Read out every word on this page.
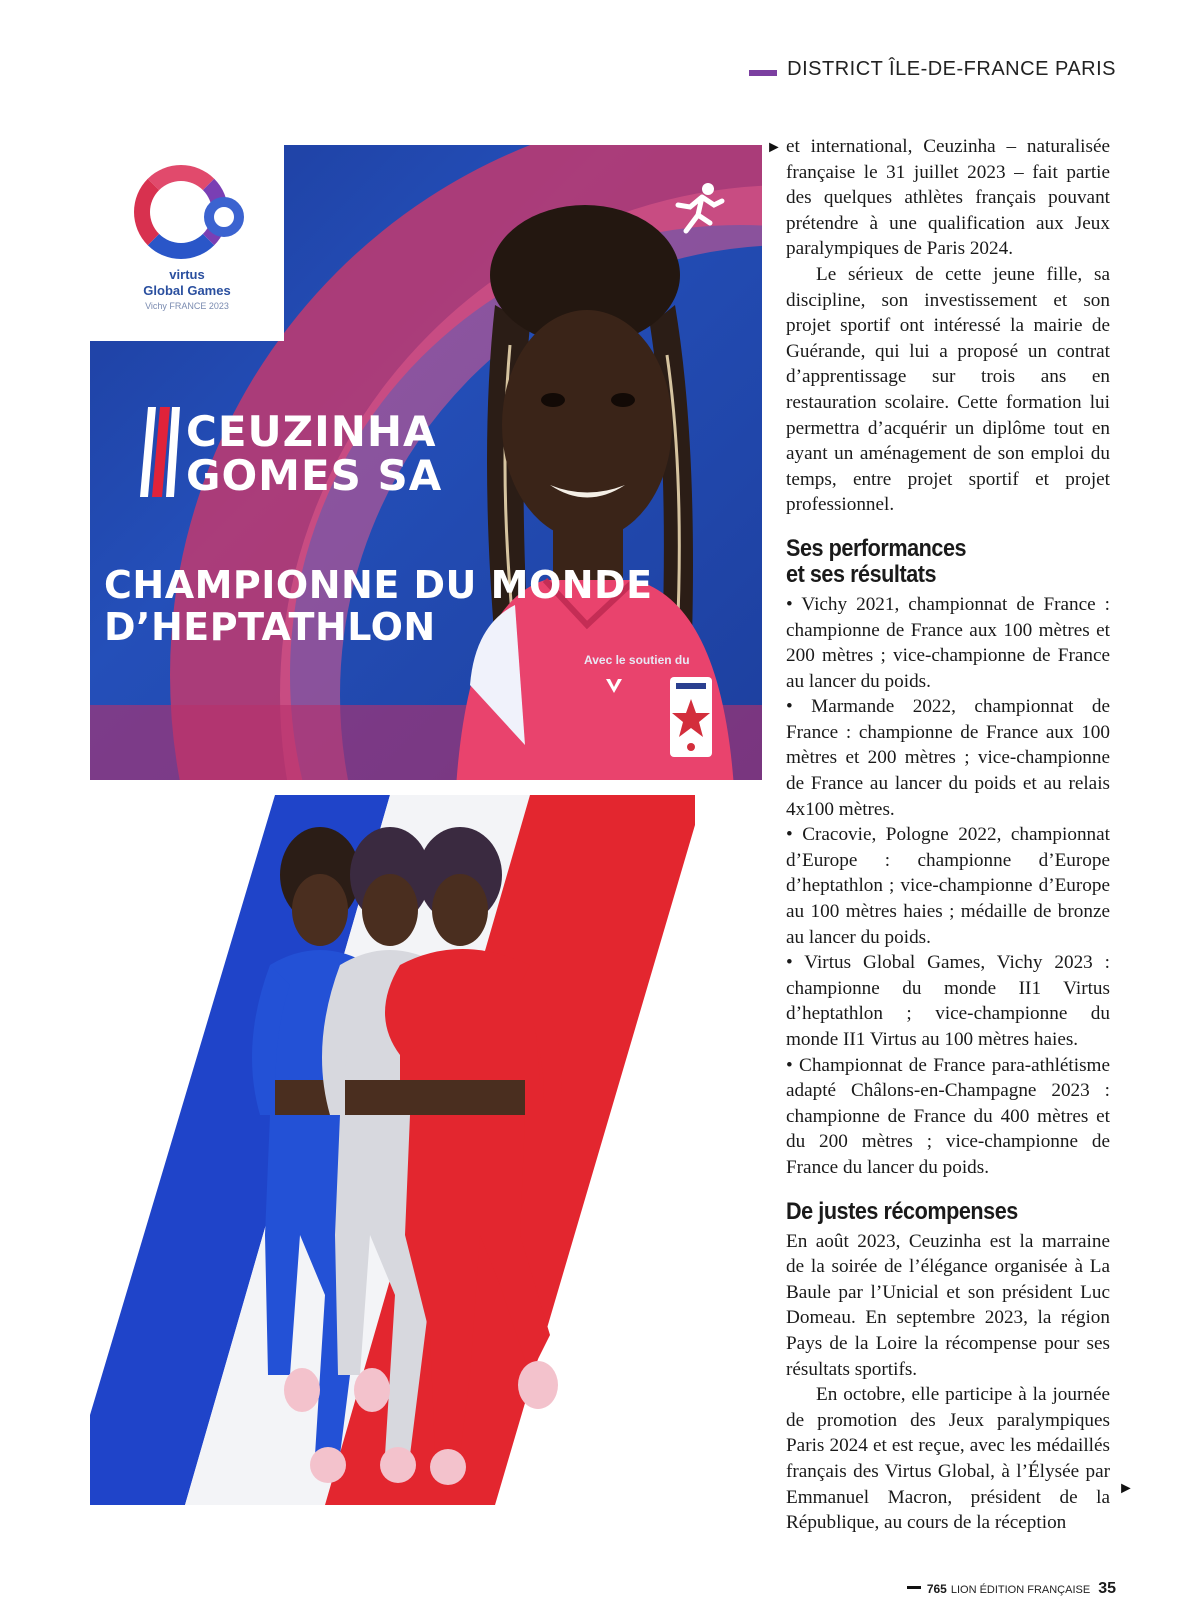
DISTRICT ÎLE-DE-FRANCE PARIS
virtus
Global Games
Vichy FRANCE 2023
CEUZINHA
GOMES SA
CHAMPIONNE DU MONDE
D’HEPTATHLON
Avec le soutien du
► et international, Ceuzinha – naturalisée française le 31 juillet 2023 – fait partie des quelques athlètes français pouvant prétendre à une qualification aux Jeux paralympiques de Paris 2024.

Le sérieux de cette jeune fille, sa discipline, son investissement et son projet sportif ont intéressé la mairie de Guérande, qui lui a proposé un contrat d’apprentissage sur trois ans en restauration scolaire. Cette formation lui permettra d’acquérir un diplôme tout en ayant un aménagement de son emploi du temps, entre projet sportif et projet professionnel.

Ses performances
et ses résultats

• Vichy 2021, championnat de France : championne de France aux 100 mètres et 200 mètres ; vice-championne de France au lancer du poids.

• Marmande 2022, championnat de France : championne de France aux 100 mètres et 200 mètres ; vice-championne de France au lancer du poids et au relais 4x100 mètres.

• Cracovie, Pologne 2022, championnat d’Europe : championne d’Europe d’heptathlon ; vice-championne d’Europe au 100 mètres haies ; médaille de bronze au lancer du poids.

• Virtus Global Games, Vichy 2023 : championne du monde II1 Virtus d’heptathlon ; vice-championne du monde II1 Virtus au 100 mètres haies.

• Championnat de France para-athlétisme adapté Châlons-en-Champagne 2023 : championne de France du 400 mètres et du 200 mètres ; vice-championne de France du lancer du poids.

De justes récompenses

En août 2023, Ceuzinha est la marraine de la soirée de l’élégance organisée à La Baule par l’Unicial et son président Luc Domeau. En septembre 2023, la région Pays de la Loire la récompense pour ses résultats sportifs.

En octobre, elle participe à la journée de promotion des Jeux paralympiques Paris 2024 et est reçue, avec les médaillés français des Virtus Global, à l’Élysée par Emmanuel Macron, président de la République, au cours de la réception

►
765 LION ÉDITION FRANÇAISE 35
